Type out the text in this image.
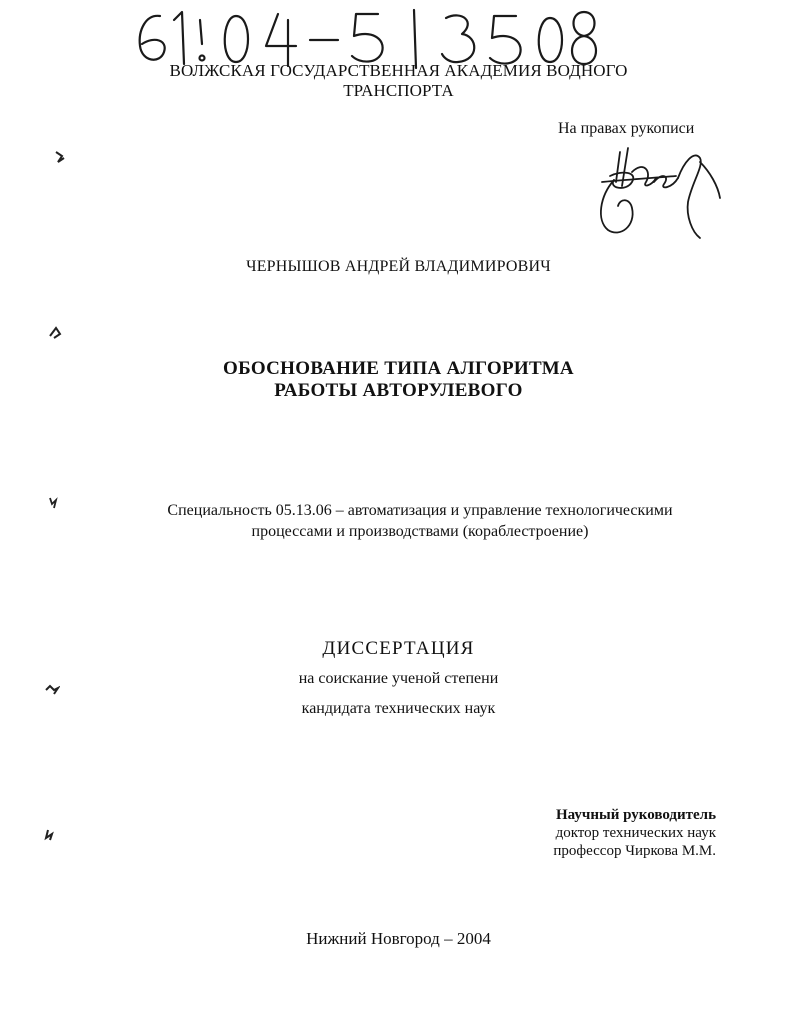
ВОЛЖСКАЯ ГОСУДАРСТВЕННАЯ АКАДЕМИЯ ВОДНОГО
ТРАНСПОРТА
На правах рукописи
ЧЕРНЫШОВ АНДРЕЙ ВЛАДИМИРОВИЧ
ОБОСНОВАНИЕ ТИПА АЛГОРИТМА
РАБОТЫ АВТОРУЛЕВОГО
Специальность 05.13.06 – автоматизация и управление технологическими
процессами и производствами (кораблестроение)
ДИССЕРТАЦИЯ
на соискание ученой степени
кандидата технических наук
Научный руководитель
доктор технических наук
профессор Чиркова М.М.
Нижний Новгород – 2004
